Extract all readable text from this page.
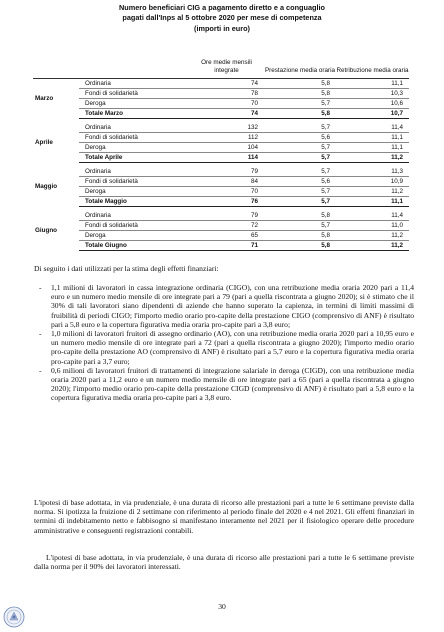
Numero beneficiari CIG a pagamento diretto e a conguaglio
pagati dall'Inps al 5 ottobre 2020 per mese di competenza
(importi in euro)
		Ore medie mensili integrate	Prestazione media oraria	Retribuzione media oraria
Marzo	Ordinaria	74	5,8	11,1
	Fondi di solidarietà	78	5,8	10,3
	Deroga	70	5,7	10,6
	Totale Marzo	74	5,8	10,7

Aprile	Ordinaria	132	5,7	11,4
	Fondi di solidarietà	112	5,6	11,1
	Deroga	104	5,7	11,1
	Totale Aprile	114	5,7	11,2

Maggio	Ordinaria	79	5,7	11,3
	Fondi di solidarietà	84	5,6	10,9
	Deroga	70	5,7	11,2
	Totale Maggio	76	5,7	11,1

Giugno	Ordinaria	79	5,8	11,4
	Fondi di solidarietà	72	5,7	11,0
	Deroga	65	5,8	11,2
	Totale Giugno	71	5,8	11,2
Di seguito i dati utilizzati per la stima degli effetti finanziari:
- 1,1 milioni di lavoratori in cassa integrazione ordinaria (CIGO), con una retribuzione media oraria 2020 pari a 11,4 euro e un numero medio mensile di ore integrate pari a 79 (pari a quella riscontrata a giugno 2020); si è stimato che il 30% di tali lavoratori siano dipendenti di aziende che hanno superato la capienza, in termini di limiti massimi di fruibilità di periodi CIGO; l'importo medio orario pro-capite della prestazione CIGO (comprensivo di ANF) è risultato pari a 5,8 euro e la copertura figurativa media oraria pro-capite pari a 3,8 euro;
- 1,0 milioni di lavoratori fruitori di assegno ordinario (AO), con una retribuzione media oraria 2020 pari a 10,95 euro e un numero medio mensile di ore integrate pari a 72 (pari a quella riscontrata a giugno 2020); l'importo medio orario pro-capite della prestazione AO (comprensivo di ANF) è risultato pari a 5,7 euro e la copertura figurativa media oraria pro-capite pari a 3,7 euro;
- 0,6 milioni di lavoratori fruitori di trattamenti di integrazione salariale in deroga (CIGD), con una retribuzione media oraria 2020 pari a 11,2 euro e un numero medio mensile di ore integrate pari a 65 (pari a quella riscontrata a giugno 2020); l'importo medio orario pro-capite della prestazione CIGD (comprensivo di ANF) è risultato pari a 5,8 euro e la copertura figurativa media oraria pro-capite pari a 3,8 euro.
L'ipotesi di base adottata, in via prudenziale, è una durata di ricorso alle prestazioni pari a tutte le 6 settimane previste dalla norma. Si ipotizza la fruizione di 2 settimane con riferimento al periodo finale del 2020 e 4 nel 2021. Gli effetti finanziari in termini di indebitamento netto e fabbisogno si manifestano interamente nel 2021 per il fisiologico operare delle procedure amministrative e conseguenti registrazioni contabili.
L'ipotesi di base adottata, in via prudenziale, è una durata di ricorso alle prestazioni pari a tutte le 6 settimane previste dalla norma per il 90% dei lavoratori interessati.
30
